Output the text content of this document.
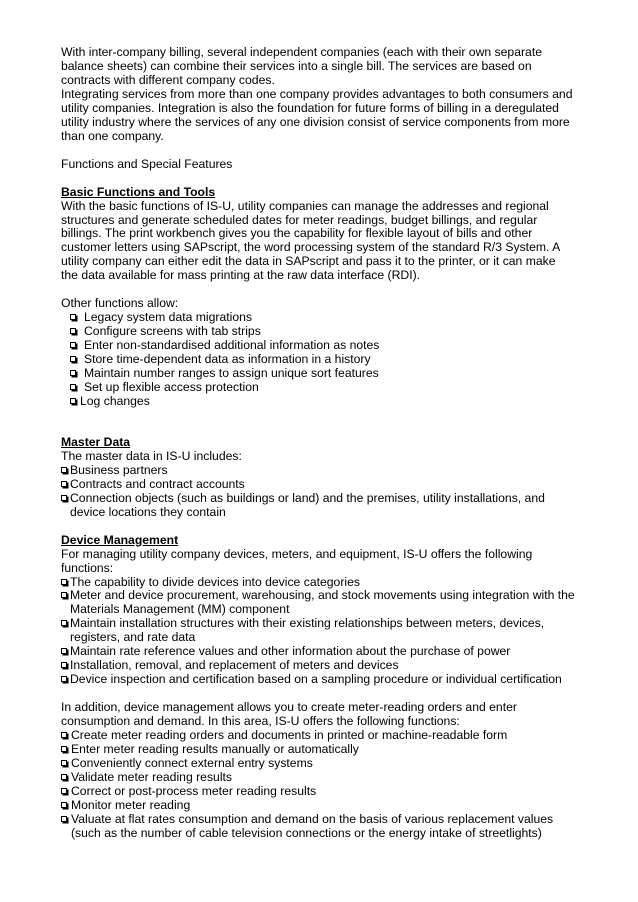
With inter-company billing, several independent companies (each with their own separate balance sheets) can combine their services into a single bill. The services are based on contracts with different company codes.

Integrating services from more than one company provides advantages to both consumers and utility companies. Integration is also the foundation for future forms of billing in a deregulated utility industry where the services of any one division consist of service components from more than one company.

Functions and Special Features

Basic Functions and Tools

With the basic functions of IS-U, utility companies can manage the addresses and regional structures and generate scheduled dates for meter readings, budget billings, and regular billings. The print workbench gives you the capability for flexible layout of bills and other customer letters using SAPscript, the word processing system of the standard R/3 System. A utility company can either edit the data in SAPscript and pass it to the printer, or it can make the data available for mass printing at the raw data interface (RDI).

Other functions allow:

Legacy system data migrations
Configure screens with tab strips
Enter non-standardised additional information as notes
Store time-dependent data as information in a history
Maintain number ranges to assign unique sort features
Set up flexible access protection
Log changes

Master Data

The master data in IS-U includes:

Business partners
Contracts and contract accounts
Connection objects (such as buildings or land) and the premises, utility installations, and device locations they contain

Device Management

For managing utility company devices, meters, and equipment, IS-U offers the following functions:

The capability to divide devices into device categories
Meter and device procurement, warehousing, and stock movements using integration with the Materials Management (MM) component
Maintain installation structures with their existing relationships between meters, devices, registers, and rate data
Maintain rate reference values and other information about the purchase of power
Installation, removal, and replacement of meters and devices
Device inspection and certification based on a sampling procedure or individual certification

In addition, device management allows you to create meter-reading orders and enter consumption and demand. In this area, IS-U offers the following functions:

Create meter reading orders and documents in printed or machine-readable form
Enter meter reading results manually or automatically
Conveniently connect external entry systems
Validate meter reading results
Correct or post-process meter reading results
Monitor meter reading
Valuate at flat rates consumption and demand on the basis of various replacement values (such as the number of cable television connections or the energy intake of streetlights)
